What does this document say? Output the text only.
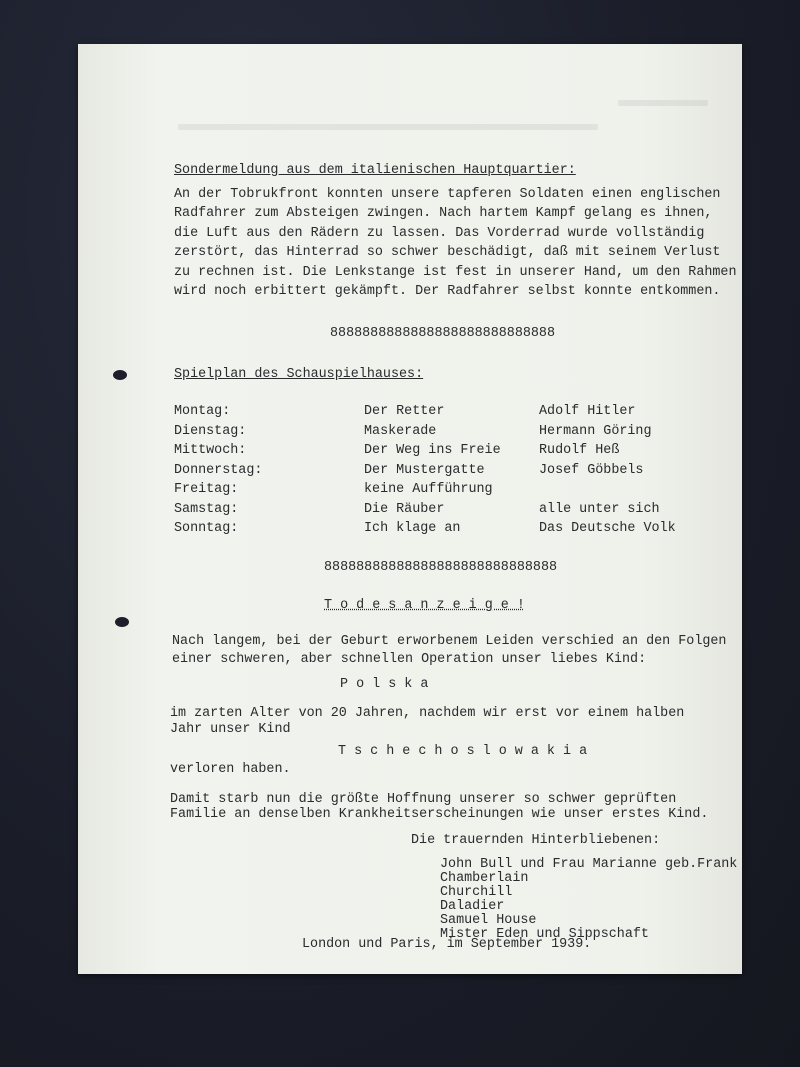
Sondermeldung aus dem italienischen Hauptquartier:

An der Tobrukfront konnten unsere tapferen Soldaten einen englischen

Radfahrer zum Absteigen zwingen. Nach hartem Kampf gelang es ihnen,

die Luft aus den Rädern zu lassen. Das Vorderrad wurde vollständig

zerstört, das Hinterrad so schwer beschädigt, daß mit seinem Verlust

zu rechnen ist. Die Lenkstange ist fest in unserer Hand, um den Rahmen

wird noch erbittert gekämpft. Der Radfahrer selbst konnte entkommen.

8888888888888888888888888888

Spielplan des Schauspielhauses:

Montag:	Der Retter	Adolf Hitler

Dienstag:	Maskerade	Hermann Göring

Mittwoch:	Der Weg ins Freie	Rudolf Heß

Donnerstag:	Der Mustergatte	Josef Göbbels

Freitag:	keine Aufführung

Samstag:	Die Räuber	alle unter sich

Sonntag:	Ich klage an	Das Deutsche Volk

88888888888888888888888888888

T o d e s a n z e i g e !

Nach langem, bei der Geburt erworbenem Leiden verschied an den Folgen

einer schweren, aber schnellen Operation unser liebes Kind:

P o l s k a

im zarten Alter von 20 Jahren, nachdem wir erst vor einem halben

Jahr unser Kind

T s c h e c h o s l o w a k i a

verloren haben.

Damit starb nun die größte Hoffnung unserer so schwer geprüften

Familie an denselben Krankheitserscheinungen wie unser erstes Kind.

Die trauernden Hinterbliebenen:

John Bull und Frau Marianne geb.Frank

Chamberlain

Churchill

Daladier

Samuel House

Mister Eden und Sippschaft

London und Paris, im September 1939.
